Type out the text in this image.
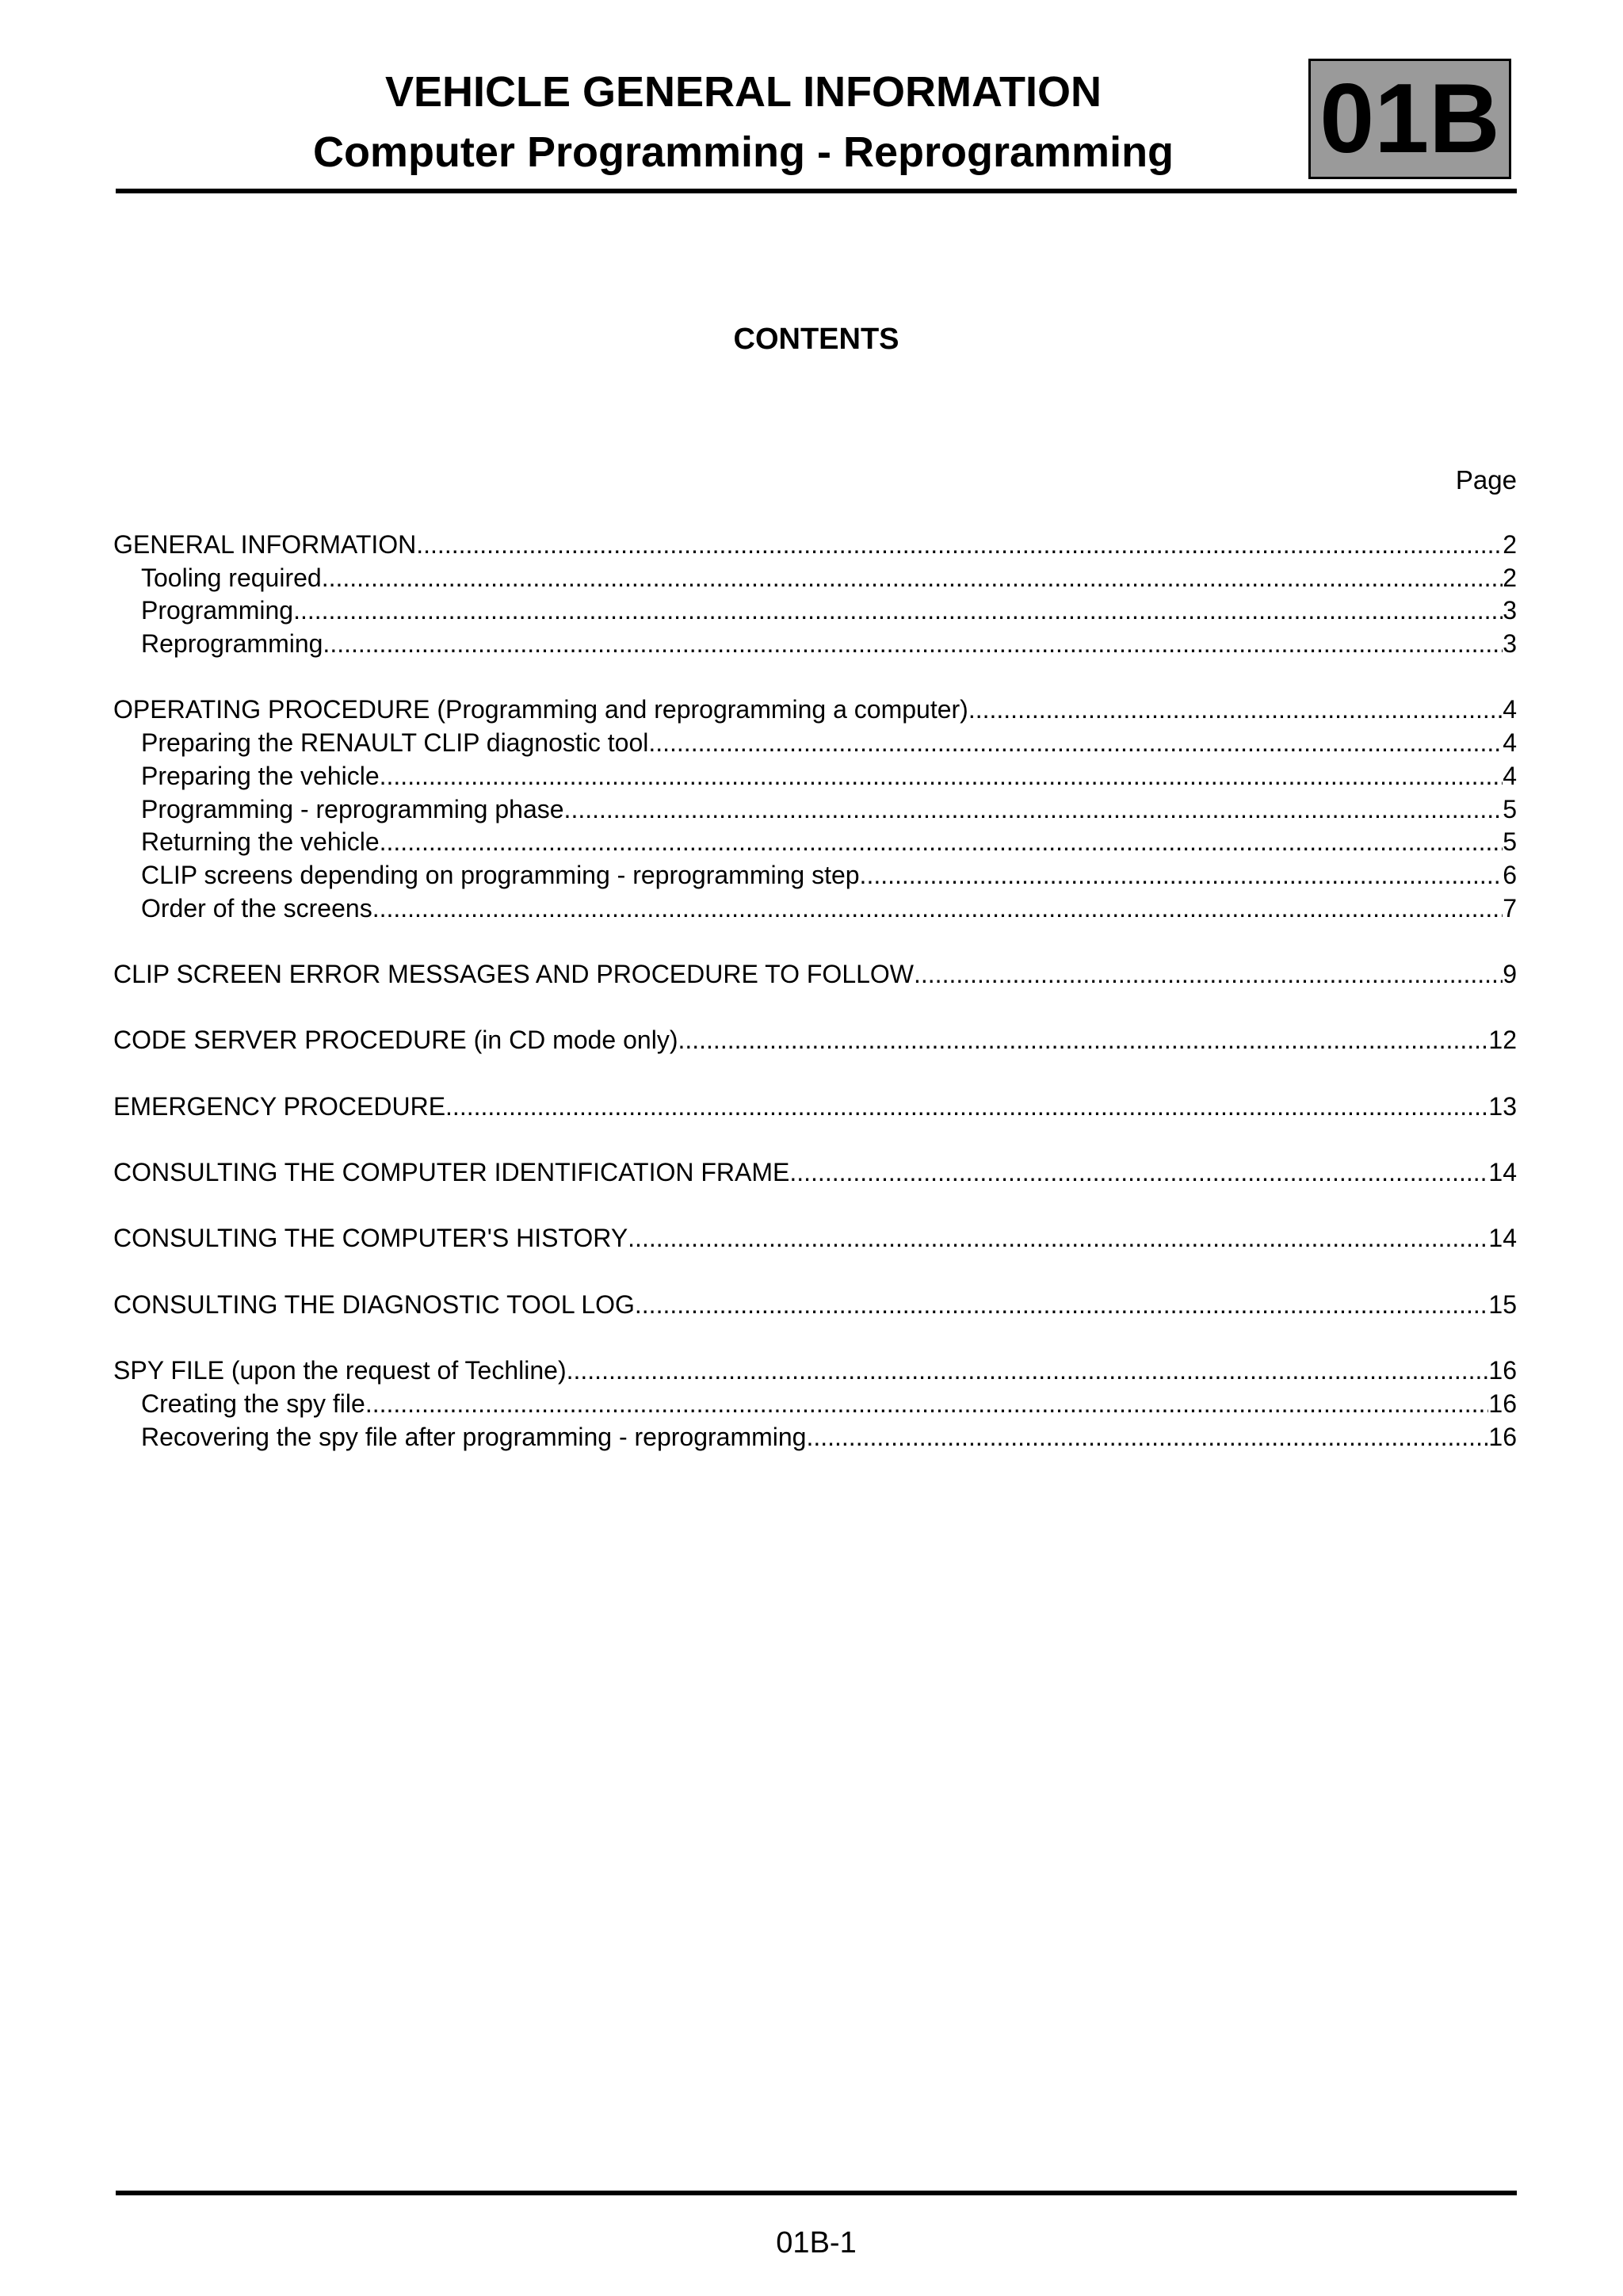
VEHICLE GENERAL INFORMATION
Computer Programming - Reprogramming	01B
CONTENTS
Page
GENERAL INFORMATION .....	2
Tooling required .....	2
Programming .....	3
Reprogramming .....	3
OPERATING PROCEDURE (Programming and reprogramming a computer) .....	4
Preparing the RENAULT CLIP diagnostic tool .....	4
Preparing the vehicle .....	4
Programming - reprogramming phase .....	5
Returning the vehicle .....	5
CLIP screens depending on programming - reprogramming step .....	6
Order of the screens .....	7
CLIP SCREEN ERROR MESSAGES AND PROCEDURE TO FOLLOW .....	9
CODE SERVER PROCEDURE (in CD mode only) .....	12
EMERGENCY PROCEDURE .....	13
CONSULTING THE COMPUTER IDENTIFICATION FRAME .....	14
CONSULTING THE COMPUTER'S HISTORY .....	14
CONSULTING THE DIAGNOSTIC TOOL LOG .....	15
SPY FILE (upon the request of Techline) .....	16
Creating the spy file .....	16
Recovering the spy file after programming - reprogramming .....	16
01B-1
